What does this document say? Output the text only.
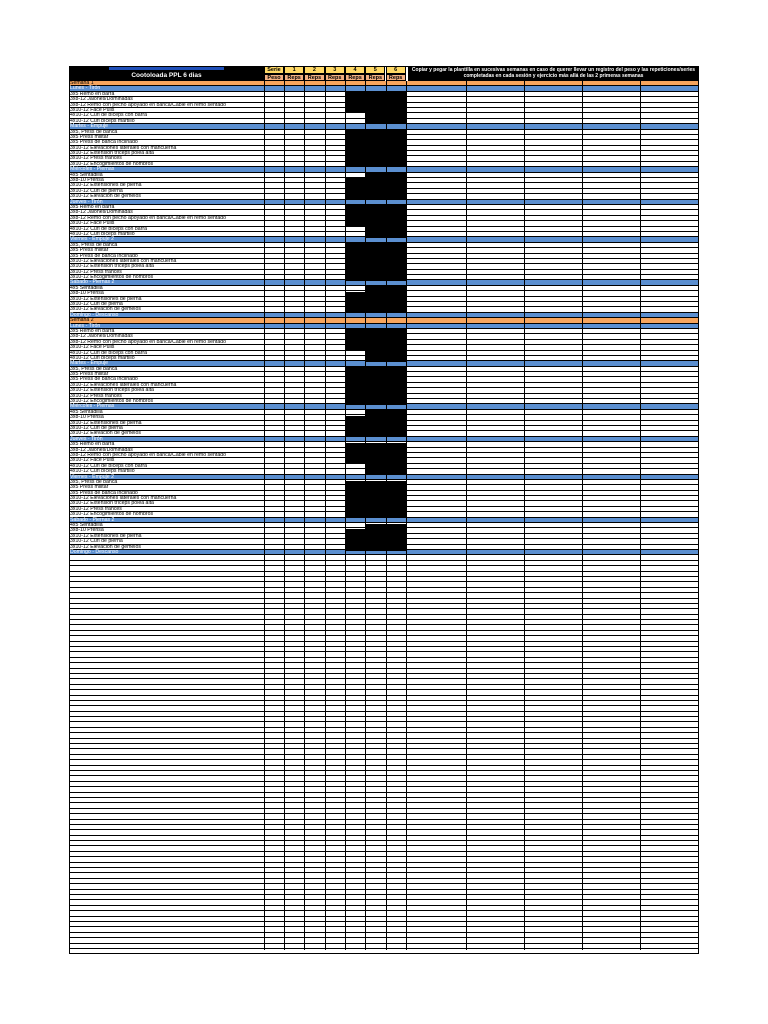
Cootoloada PPL 6 dias
Serie
Peso
1
Reps
2
Reps
3
Reps
4
Reps
5
Reps
6
Reps
Copiar y pegar la plantilla en sucesivas semanas en caso de querer llevar un registro del peso y las repeticiones/series completadas en cada sesión y ejercicio más allá de las 2 primeras semanas
Semana 1
Lunes - Tirón
3x5 Remo en barra
3x8-12 Jalones/Dominadas
3x8-12 Remo con pecho apoyado en banca/Cable en remo sentado
3x10-12 Face Pulls
4x10-12 Curl de bíceps con barra
4x10-12 Curl bíceps martillo
Martes - Empuje
3x5, Press de banca
3x5 Press militar
3x5 Press de banca inclinado
3x10-12 Elevaciones laterales con mancuerna
3x10-12 Extensión tríceps polea alta
3x10-12 Press francés
3x10-12 Encogimientos de hombros
Miércoles - Piernas
4x5 Sentadilla
3x8-10 Prensa
3x10-12 Extensiones de pierna
3x10-12 Curl de pierna
3x10-12 Elevación de gemelos
Jueves - Tirón
3x5 Remo en barra
3x8-12 Jalones/Dominadas
3x8-12 Remo con pecho apoyado en banca/Cable en remo sentado
3x10-12 Face Pulls
4x10-12 Curl de bíceps con barra
4x10-12 Curl bíceps martillo
Viernes - Empuje 2
3x5, Press de banca
3x5 Press militar
3x5 Press de banca inclinado
3x10-12 Elevaciones laterales con mancuerna
3x10-12 Extensión tríceps polea alta
3x10-12 Press francés
3x10-12 Encogimientos de hombros
Sábado - Piernas 2
4x5 Sentadilla
3x8-10 Prensa
3x10-12 Extensiones de pierna
3x10-12 Curl de pierna
3x10-12 Elevación de gemelos
Domingo - Descanso
Semana 2
Lunes - Tirón
3x5 Remo en barra
3x8-12 Jalones/Dominadas
3x8-12 Remo con pecho apoyado en banca/Cable en remo sentado
3x10-12 Face Pulls
4x10-12 Curl de bíceps con barra
4x10-12 Curl bíceps martillo
Martes - Empuje
3x5, Press de banca
3x5 Press militar
3x5 Press de banca inclinado
3x10-12 Elevaciones laterales con mancuerna
3x10-12 Extensión tríceps polea alta
3x10-12 Press francés
3x10-12 Encogimientos de hombros
Miércoles - Piernas
4x5 Sentadilla
3x8-10 Prensa
3x10-12 Extensiones de pierna
3x10-12 Curl de pierna
3x10-12 Elevación de gemelos
Jueves - Tirón
3x5 Remo en barra
3x8-12 Jalones/Dominadas
3x8-12 Remo con pecho apoyado en banca/Cable en remo sentado
3x10-12 Face Pulls
4x10-12 Curl de bíceps con barra
4x10-12 Curl bíceps martillo
Viernes - Empuje 2
3x5, Press de banca
3x5 Press militar
3x5 Press de banca inclinado
3x10-12 Elevaciones laterales con mancuerna
3x10-12 Extensión tríceps polea alta
3x10-12 Press francés
3x10-12 Encogimientos de hombros
Sábado - Piernas 2
4x5 Sentadilla
3x8-10 Prensa
3x10-12 Extensiones de pierna
3x10-12 Curl de pierna
3x10-12 Elevación de gemelos
Domingo - Descanso
